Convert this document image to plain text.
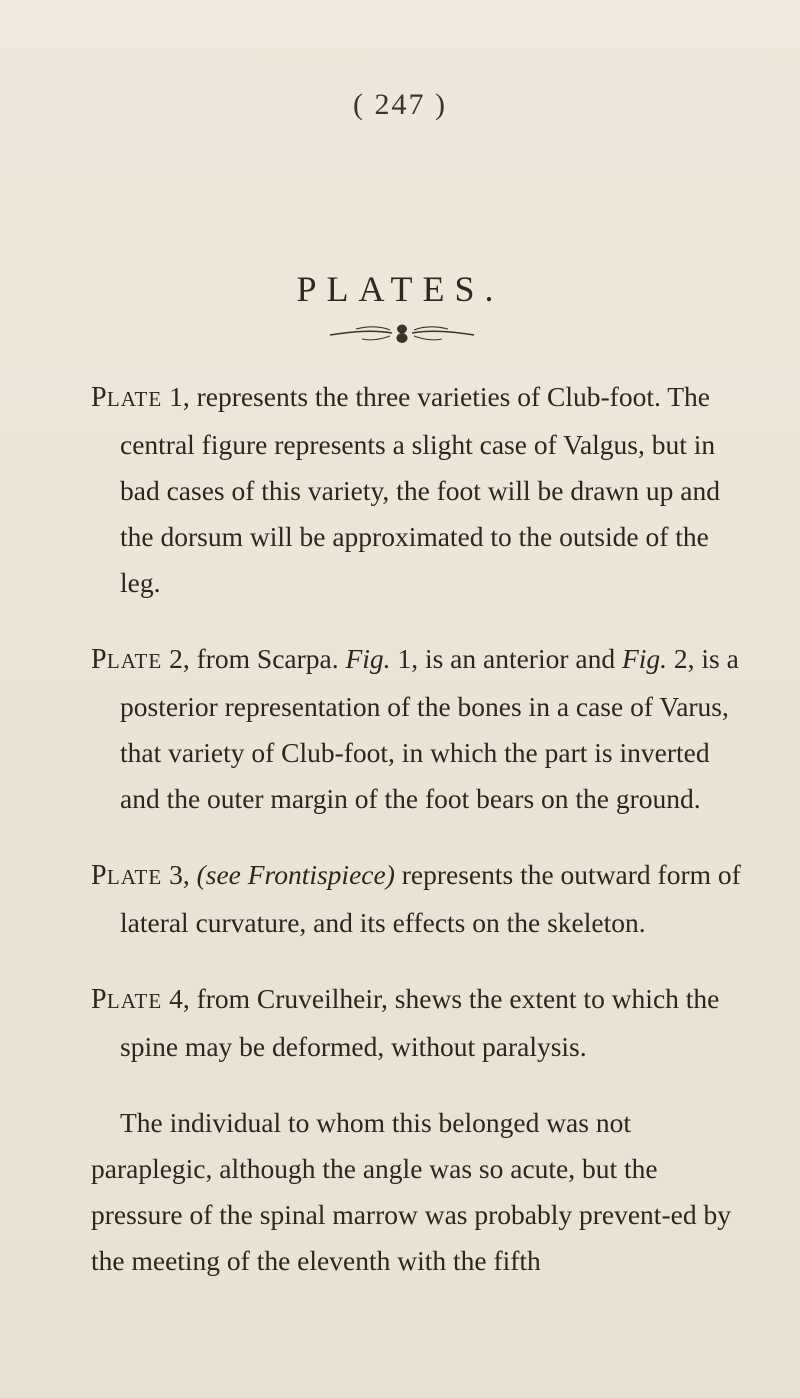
( 247 )
PLATES.

PLATE 1, represents the three varieties of Club-foot. The central figure represents a slight case of Valgus, but in bad cases of this variety, the foot will be drawn up and the dorsum will be approximated to the outside of the leg.

PLATE 2, from Scarpa. Fig. 1, is an anterior and Fig. 2, is a posterior representation of the bones in a case of Varus, that variety of Club-foot, in which the part is inverted and the outer margin of the foot bears on the ground.

PLATE 3, (see Frontispiece) represents the outward form of lateral curvature, and its effects on the skeleton.

PLATE 4, from Cruveilheir, shews the extent to which the spine may be deformed, without paralysis.

The individual to whom this belonged was not paraplegic, although the angle was so acute, but the pressure of the spinal marrow was probably prevent-ed by the meeting of the eleventh with the fifth
